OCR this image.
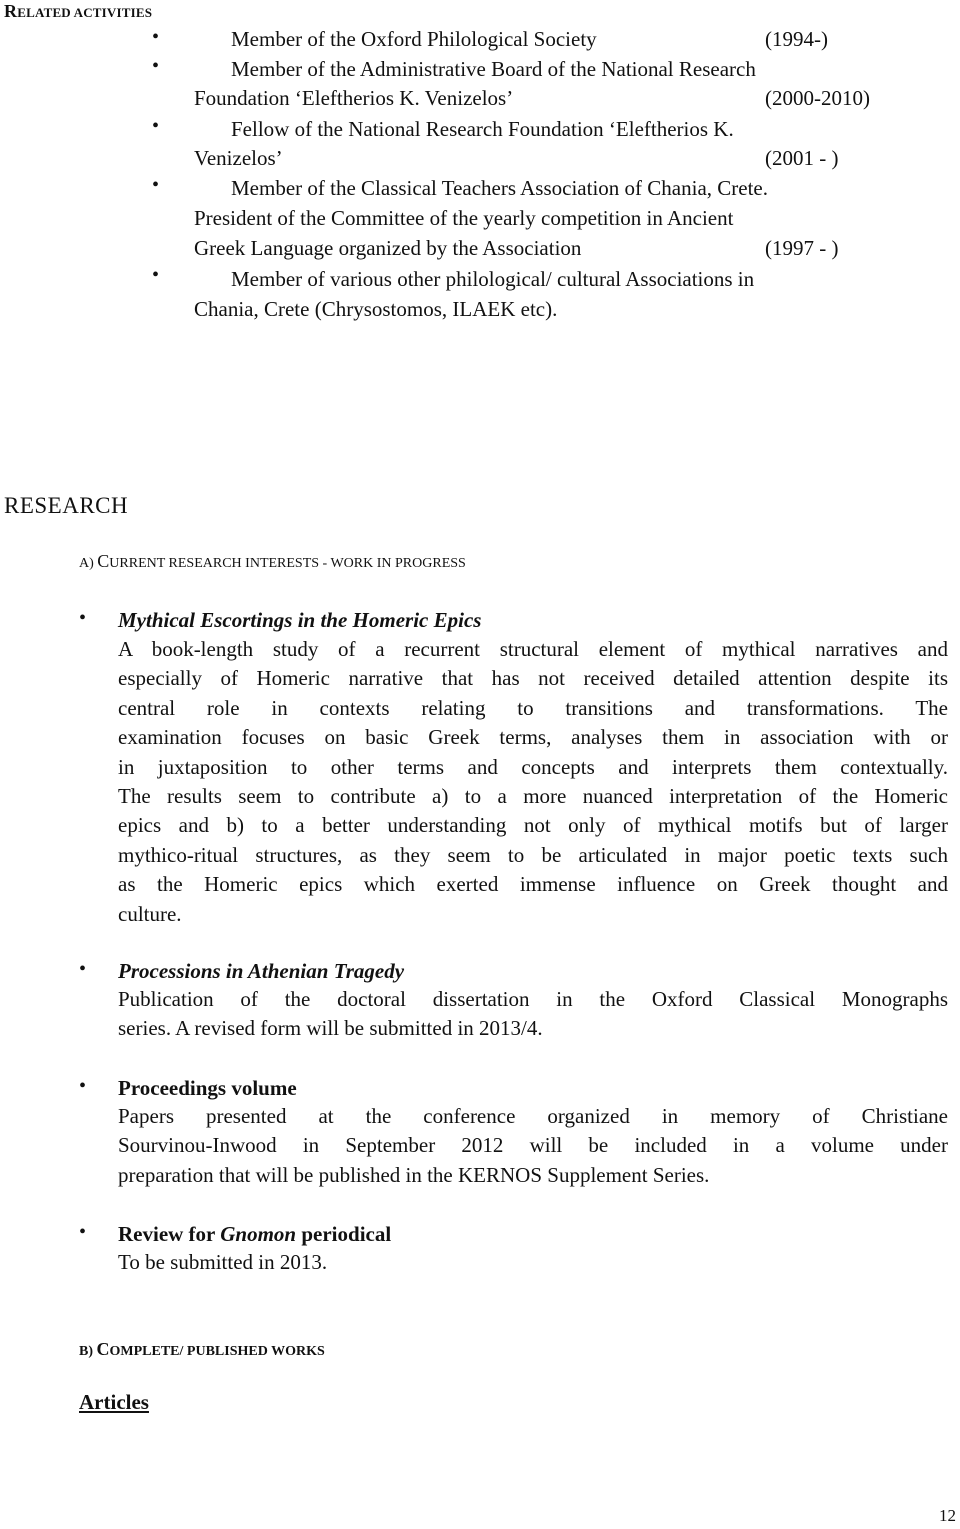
RELATED ACTIVITIES
•	Member of the Oxford Philological Society	(1994-)
•	Member of the Administrative Board of the National Research
Foundation ‘Eleftherios K. Venizelos’	(2000-2010)
•	Fellow of the National Research Foundation ‘Eleftherios K.
Venizelos’	(2001 - )
•	Member of the Classical Teachers Association of Chania, Crete.
President of the Committee of the yearly competition in Ancient
Greek Language organized by the Association	(1997 - )
•	Member of various other philological/ cultural Associations in
Chania, Crete (Chrysostomos, ILAEK etc).
RESEARCH
A) CURRENT RESEARCH INTERESTS - WORK IN PROGRESS
• Mythical Escortings in the Homeric Epics
A book-length study of a recurrent structural element of mythical narratives and
especially of Homeric narrative that has not received detailed attention despite its
central role in contexts relating to transitions and transformations. The
examination focuses on basic Greek terms, analyses them in association with or
in juxtaposition to other terms and concepts and interprets them contextually.
The results seem to contribute a) to a more nuanced interpretation of the Homeric
epics and b) to a better understanding not only of mythical motifs but of larger
mythico-ritual structures, as they seem to be articulated in major poetic texts such
as the Homeric epics which exerted immense influence on Greek thought and
culture.
• Processions in Athenian Tragedy
Publication of the doctoral dissertation in the Oxford Classical Monographs
series. A revised form will be submitted in 2013/4.
• Proceedings volume
Papers presented at the conference organized in memory of Christiane
Sourvinou-Inwood in September 2012 will be included in a volume under
preparation that will be published in the KERNOS Supplement Series.
• Review for Gnomon periodical
To be submitted in 2013.
B) COMPLETE/ PUBLISHED WORKS
Articles
12
